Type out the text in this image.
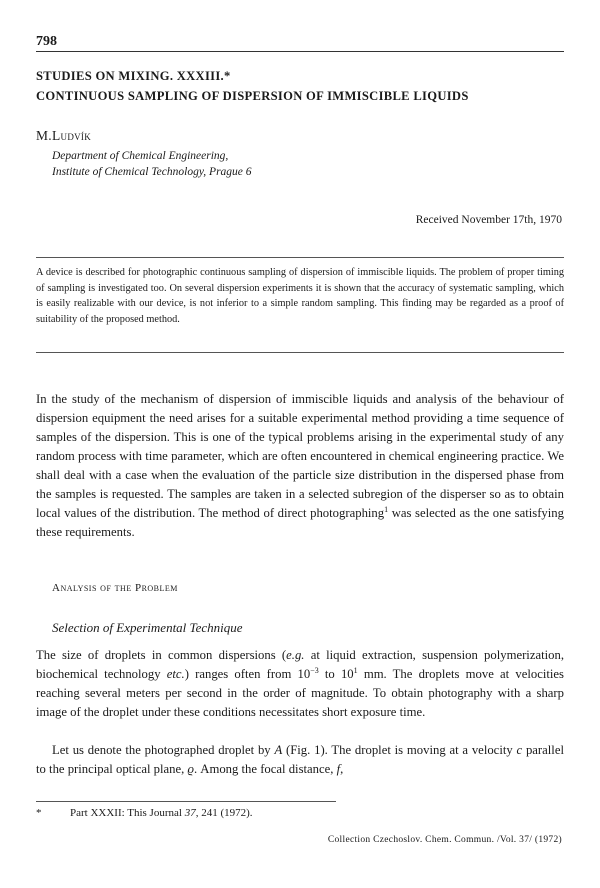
798

STUDIES ON MIXING. XXXIII.*

CONTINUOUS SAMPLING OF DISPERSION OF IMMISCIBLE LIQUIDS

M.Ludvík
Department of Chemical Engineering,
Institute of Chemical Technology, Prague 6
Received November 17th, 1970
A device is described for photographic continuous sampling of dispersion of immiscible liquids. The problem of proper timing of sampling is investigated too. On several dispersion experiments it is shown that the accuracy of systematic sampling, which is easily realizable with our device, is not inferior to a simple random sampling. This finding may be regarded as a proof of suitability of the proposed method.

In the study of the mechanism of dispersion of immiscible liquids and analysis of the behaviour of dispersion equipment the need arises for a suitable experimental method providing a time sequence of samples of the dispersion. This is one of the typical problems arising in the experimental study of any random process with time parameter, which are often encountered in chemical engineering practice. We shall deal with a case when the evaluation of the particle size distribution in the dispersed phase from the samples is requested. The samples are taken in a selected subregion of the disperser so as to obtain local values of the distribution. The method of direct photographing$^1$ was selected as the one satisfying these requirements.

Analysis of the Problem
Selection of Experimental Technique

The size of droplets in common dispersions (e.g. at liquid extraction, suspension polymerization, biochemical technology etc.) ranges often from $10^{-3}$ to $10^1$ mm. The droplets move at velocities reaching several meters per second in the order of magnitude. To obtain photography with a sharp image of the droplet under these conditions necessitates short exposure time.

Let us denote the photographed droplet by A (Fig. 1). The droplet is moving at a velocity c parallel to the principal optical plane, ϱ. Among the focal distance, f,

*	Part XXXII: This Journal 37, 241 (1972).
Collection Czechoslov. Chem. Commun. /Vol. 37/ (1972)
